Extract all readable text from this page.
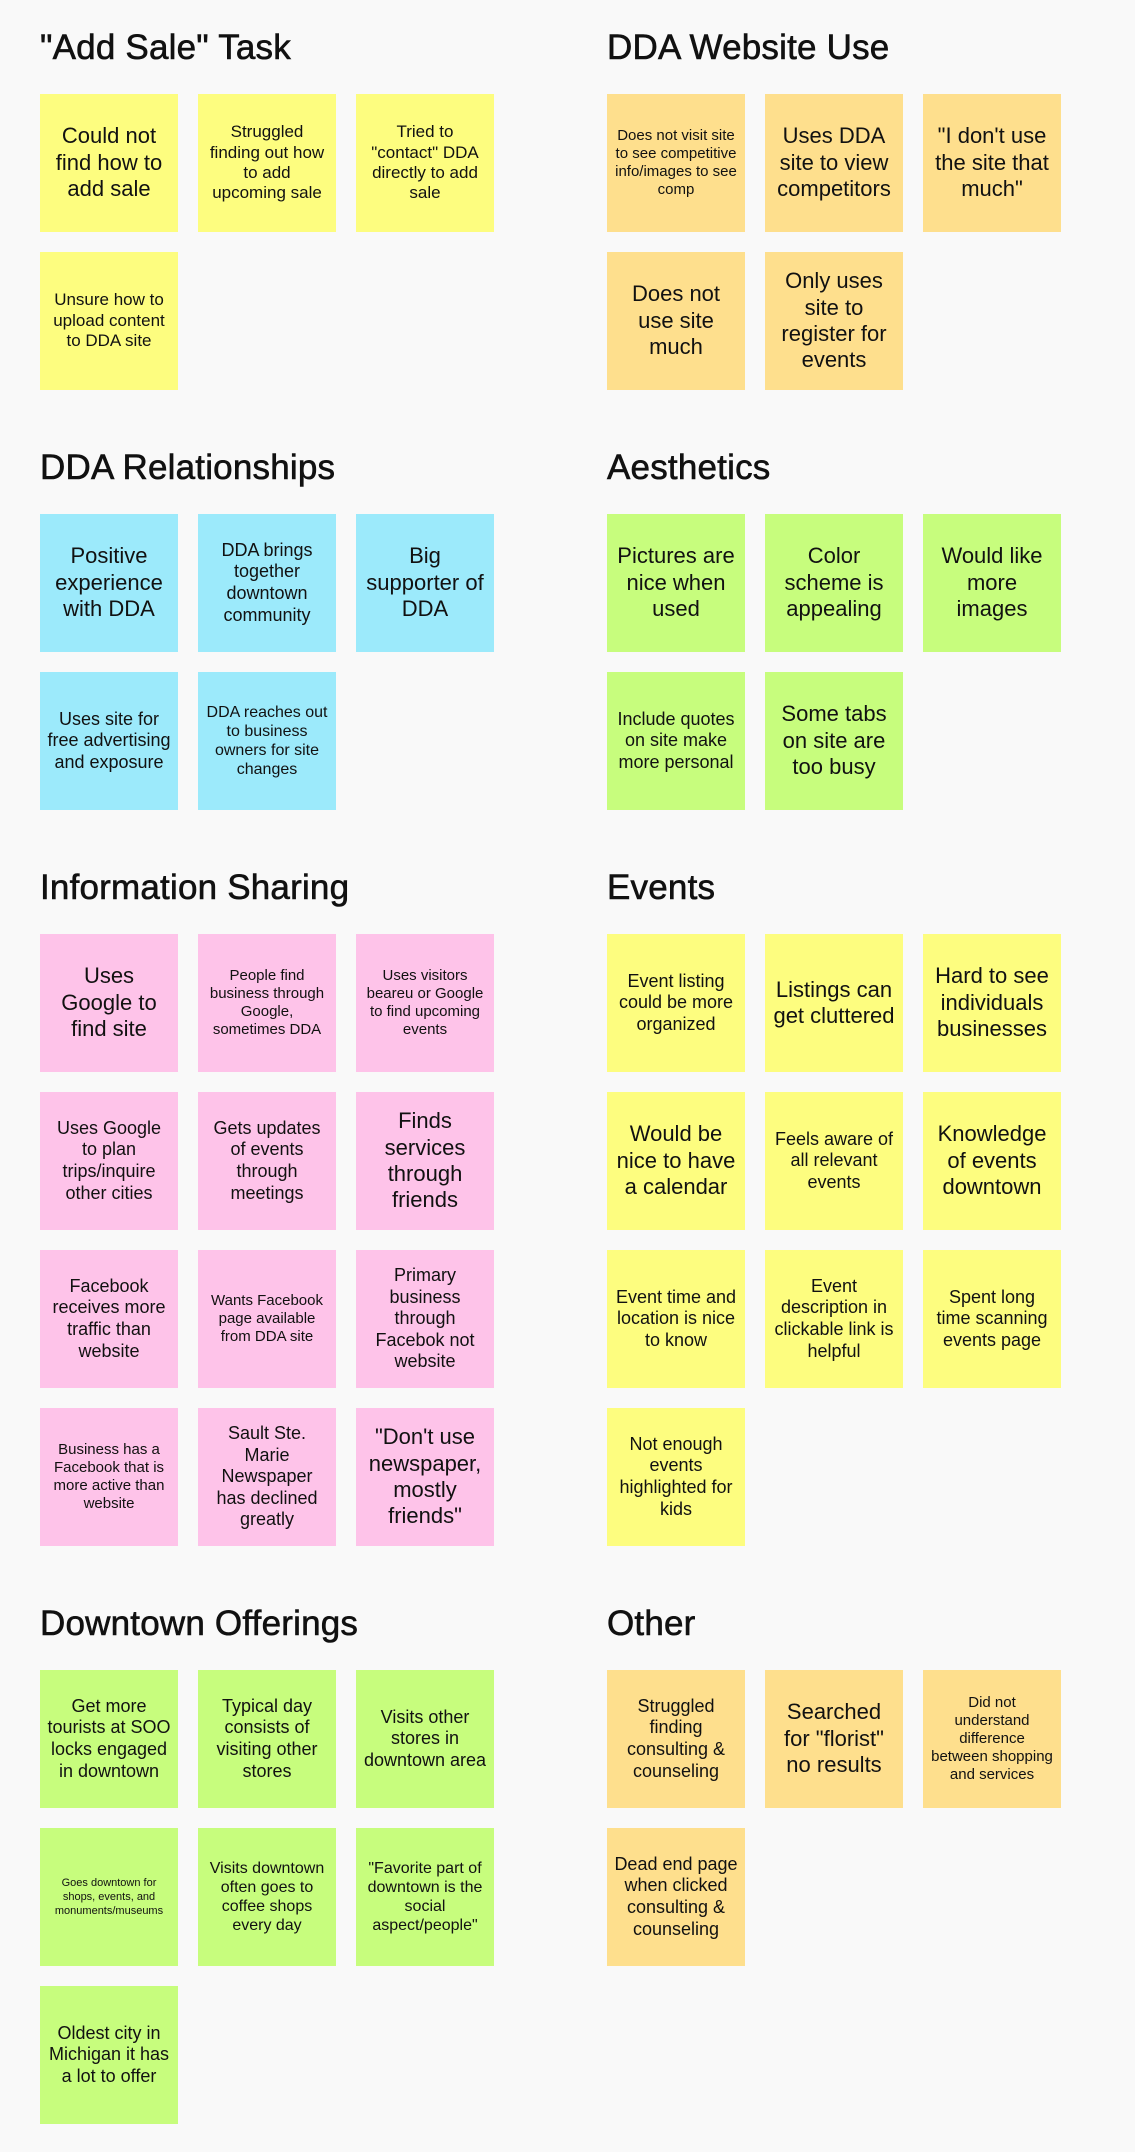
"Add Sale" Task
Could not find how to add sale
Struggled finding out how to add upcoming sale
Tried to "contact" DDA directly to add sale
Unsure how to upload content to DDA site
DDA Website Use
Does not visit site to see competitive info/images to see comp
Uses DDA site to view competitors
"I don't use the site that much"
Does not use site much
Only uses site to register for events
DDA Relationships
Positive experience with DDA
DDA brings together downtown community
Big supporter of DDA
Uses site for free advertising and exposure
DDA reaches out to business owners for site changes
Aesthetics
Pictures are nice when used
Color scheme is appealing
Would like more images
Include quotes on site make more personal
Some tabs on site are too busy
Information Sharing
Uses Google to find site
People find business through Google, sometimes DDA
Uses visitors beareu or Google to find upcoming events
Uses Google to plan trips/inquire other cities
Gets updates of events through meetings
Finds services through friends
Facebook receives more traffic than website
Wants Facebook page available from DDA site
Primary business through Facebok not website
Business has a Facebook that is more active than website
Sault Ste. Marie Newspaper has declined greatly
"Don't use newspaper, mostly friends"
Events
Event listing could be more organized
Listings can get cluttered
Hard to see individuals businesses
Would be nice to have a calendar
Feels aware of all relevant events
Knowledge of events downtown
Event time and location is nice to know
Event description in clickable link is helpful
Spent long time scanning events page
Not enough events highlighted for kids
Downtown Offerings
Get more tourists at SOO locks engaged in downtown
Typical day consists of visiting other stores
Visits other stores in downtown area
Goes downtown for shops, events, and monuments/museums
Visits downtown often goes to coffee shops every day
"Favorite part of downtown is the social aspect/people"
Oldest city in Michigan it has a lot to offer
Other
Struggled finding consulting & counseling
Searched for "florist" no results
Did not understand difference between shopping and services
Dead end page when clicked consulting & counseling
